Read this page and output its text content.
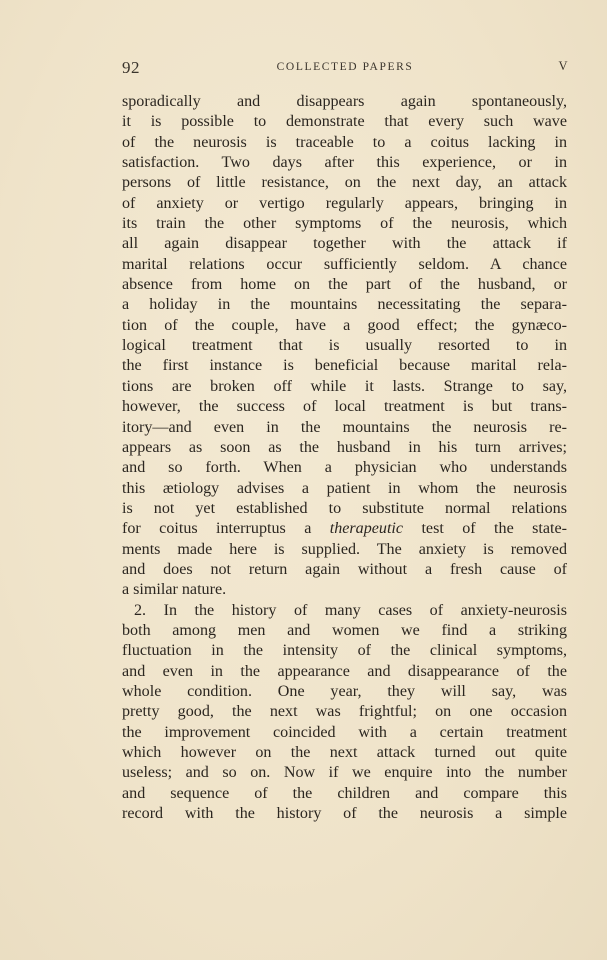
92	COLLECTED PAPERS	V
sporadically and disappears again spontaneously,
it is possible to demonstrate that every such wave
of the neurosis is traceable to a coitus lacking in
satisfaction. Two days after this experience, or in
persons of little resistance, on the next day, an attack
of anxiety or vertigo regularly appears, bringing in
its train the other symptoms of the neurosis, which
all again disappear together with the attack if
marital relations occur sufficiently seldom. A chance
absence from home on the part of the husband, or
a holiday in the mountains necessitating the separa-
tion of the couple, have a good effect; the gynæco-
logical treatment that is usually resorted to in
the first instance is beneficial because marital rela-
tions are broken off while it lasts. Strange to say,
however, the success of local treatment is but trans-
itory—and even in the mountains the neurosis re-
appears as soon as the husband in his turn arrives;
and so forth. When a physician who understands
this ætiology advises a patient in whom the neurosis
is not yet established to substitute normal relations
for coitus interruptus a therapeutic test of the state-
ments made here is supplied. The anxiety is removed
and does not return again without a fresh cause of
a similar nature.
2. In the history of many cases of anxiety-neurosis
both among men and women we find a striking
fluctuation in the intensity of the clinical symptoms,
and even in the appearance and disappearance of the
whole condition. One year, they will say, was
pretty good, the next was frightful; on one occasion
the improvement coincided with a certain treatment
which however on the next attack turned out quite
useless; and so on. Now if we enquire into the number
and sequence of the children and compare this
record with the history of the neurosis a simple
